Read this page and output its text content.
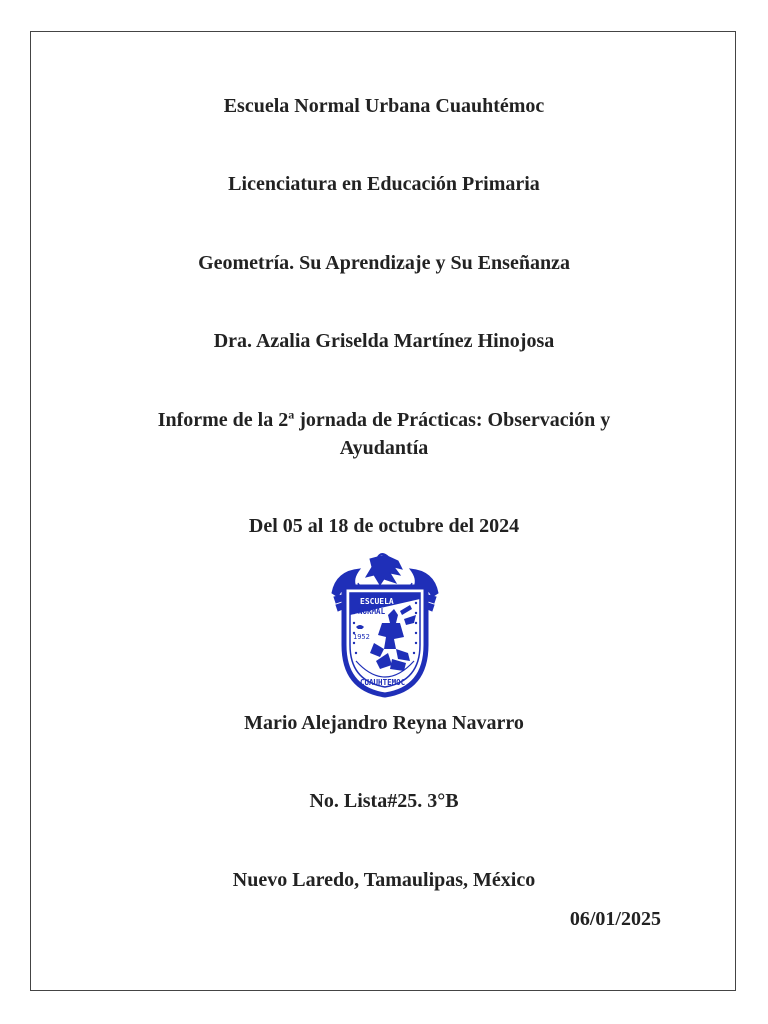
Escuela Normal Urbana Cuauhtémoc
Licenciatura en Educación Primaria
Geometría. Su Aprendizaje y Su Enseñanza
Dra. Azalia Griselda Martínez Hinojosa
Informe de la 2$^a$ jornada de Prácticas: Observación y
Ayudantía
Del 05 al 18 de octubre del 2024
ESCUELA
NORMAL
1952
CUAUHTEMOC
Mario Alejandro Reyna Navarro
No. Lista#25. 3°B
Nuevo Laredo, Tamaulipas, México
06/01/2025
